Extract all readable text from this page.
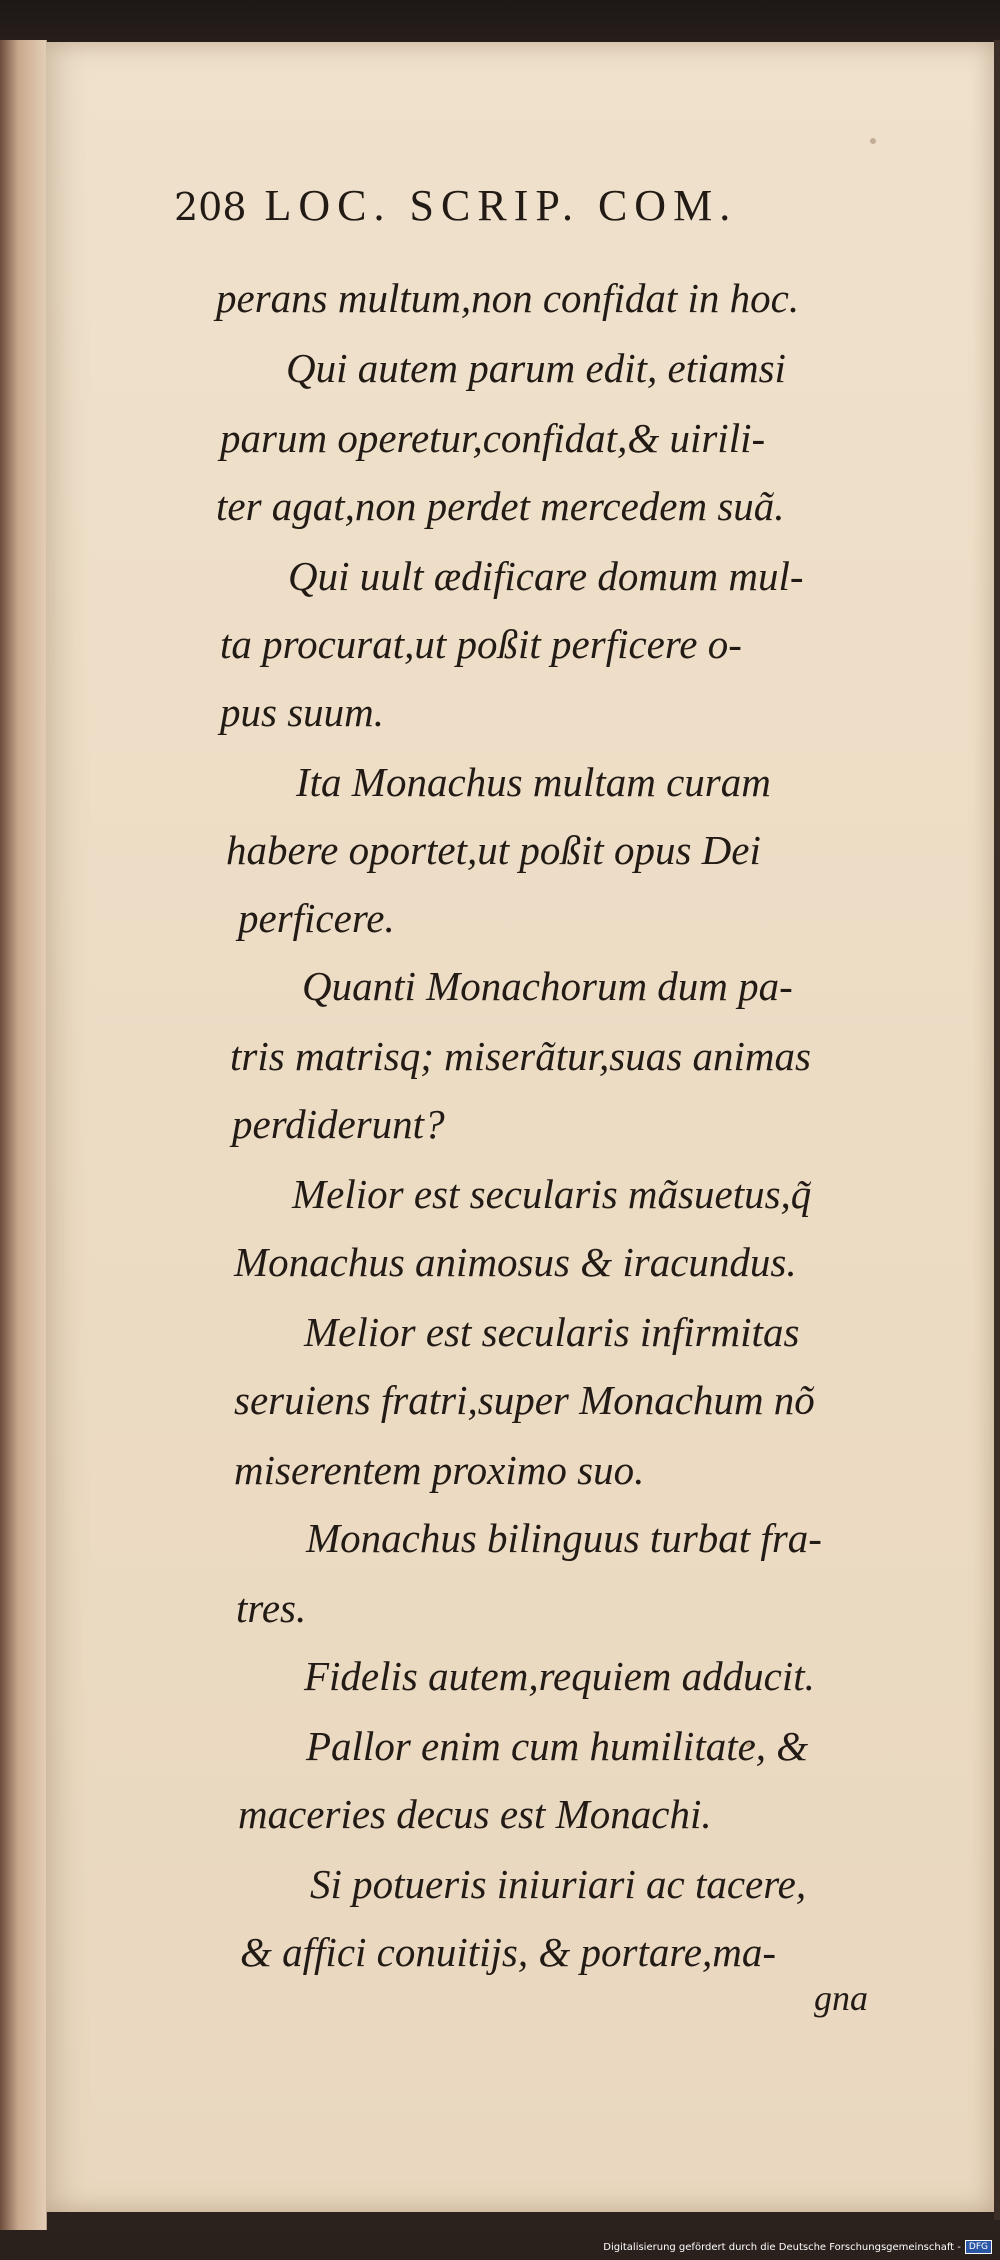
208 LOC. SCRIP. COM.
perans multum,non confidat in hoc.
Qui autem parum edit, etiamsi
parum operetur,confidat,& uirili-
ter agat,non perdet mercedem suã.
Qui uult ædificare domum mul-
ta procurat,ut poßit perficere o-
pus suum.
Ita Monachus multam curam
habere oportet,ut poßit opus Dei
perficere.
Quanti Monachorum dum pa-
tris matrisq; miserãtur,suas animas
perdiderunt?
Melior est secularis mãsuetus,q̃
Monachus animosus & iracundus.
Melior est secularis infirmitas
seruiens fratri,super Monachum nõ
miserentem proximo suo.
Monachus bilinguus turbat fra-
tres.
Fidelis autem,requiem adducit.
Pallor enim cum humilitate, &
maceries decus est Monachi.
Si potueris iniuriari ac tacere,
& affici conuitijs, & portare,ma-
gna
Digitalisierung gefördert durch die Deutsche Forschungsgemeinschaft - DFG
